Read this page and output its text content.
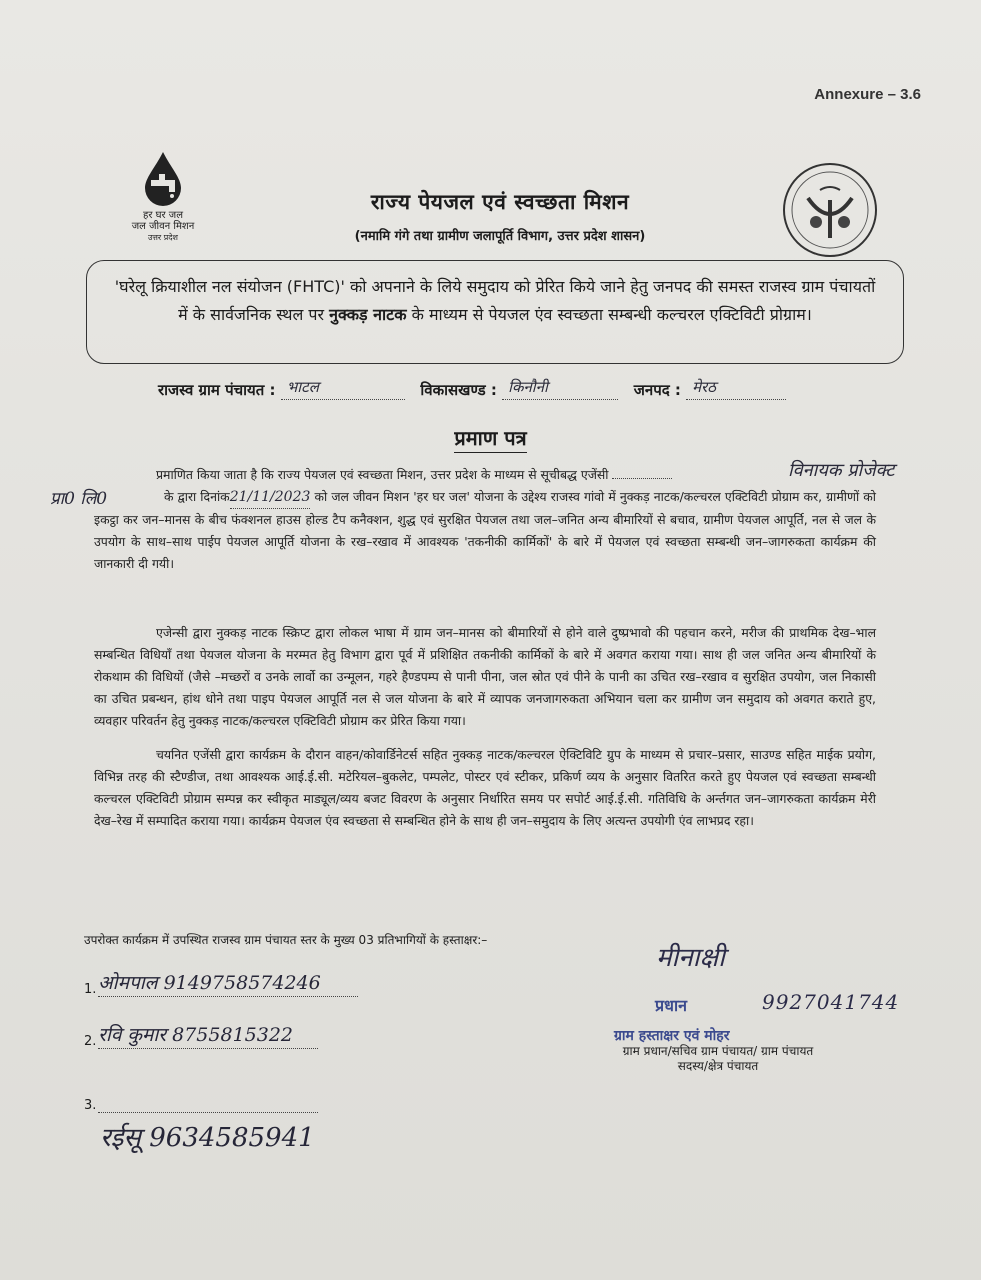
Annexure – 3.6
हर घर जल
जल जीवन मिशन
उत्तर प्रदेश
राज्य पेयजल एवं स्वच्छता मिशन
(नमामि गंगे तथा ग्रामीण जलापूर्ति विभाग, उत्तर प्रदेश शासन)
'घरेलू क्रियाशील नल संयोजन (FHTC)' को अपनाने के लिये समुदाय को प्रेरित किये जाने हेतु जनपद की समस्त राजस्व ग्राम पंचायतों में के सार्वजनिक स्थल पर नुक्कड़ नाटक के माध्यम से पेयजल एंव स्वच्छता सम्बन्धी कल्चरल एक्टिविटी प्रोग्राम।
राजस्व ग्राम पंचायत : भाटल	विकासखण्ड : किनौनी	जनपद : मेरठ
प्रमाण पत्र
विनायक प्रोजेक्ट
प्रा0 लि0
प्रमाणित किया जाता है कि राज्य पेयजल एवं स्वच्छता मिशन, उत्तर प्रदेश के माध्यम से सूचीबद्ध एजेंसी
के द्वारा दिनांक21/11/2023 को जल जीवन मिशन 'हर घर जल' योजना के उद्देश्य राजस्व गांवो में नुक्कड़ नाटक/कल्चरल एक्टिविटी प्रोग्राम कर, ग्रामीणों को इकट्ठा कर जन–मानस के बीच फंक्शनल हाउस होल्ड टैप कनैक्शन, शुद्ध एवं सुरक्षित पेयजल तथा जल–जनित अन्य बीमारियों से बचाव, ग्रामीण पेयजल आपूर्ति, नल से जल के उपयोग के साथ–साथ पाईप पेयजल आपूर्ति योजना के रख–रखाव में आवश्यक 'तकनीकी कार्मिकों' के बारे में पेयजल एवं स्वच्छता सम्बन्धी जन–जागरुकता कार्यक्रम की जानकारी दी गयी।
एजेन्सी द्वारा नुक्कड़ नाटक स्क्रिप्ट द्वारा लोकल भाषा में ग्राम जन–मानस को बीमारियों से होने वाले दुष्प्रभावो की पहचान करने, मरीज की प्राथमिक देख–भाल सम्बन्धित विधियाँ तथा पेयजल योजना के मरम्मत हेतु विभाग द्वारा पूर्व में प्रशिक्षित तकनीकी कार्मिकों के बारे में अवगत कराया गया। साथ ही जल जनित अन्य बीमारियों के रोकथाम की विधियों (जैसे –मच्छरों व उनके लार्वो का उन्मूलन, गहरे हैण्डपम्प से पानी पीना, जल स्रोत एवं पीने के पानी का उचित रख–रखाव व सुरक्षित उपयोग, जल निकासी का उचित प्रबन्धन, हांथ धोने तथा पाइप पेयजल आपूर्ति नल से जल योजना के बारे में व्यापक जनजागरुकता अभियान चला कर ग्रामीण जन समुदाय को अवगत कराते हुए, व्यवहार परिवर्तन हेतु नुक्कड़ नाटक/कल्चरल एक्टिविटी प्रोग्राम कर प्रेरित किया गया।
चयनित एजेंसी द्वारा कार्यक्रम के दौरान वाहन/कोवार्डिनेटर्स सहित नुक्कड़ नाटक/कल्चरल ऐक्टिविटि ग्रुप के माध्यम से प्रचार–प्रसार, साउण्ड सहित माईक प्रयोग, विभिन्न तरह की स्टैण्डीज, तथा आवश्यक आई.ई.सी. मटेरियल–बुकलेट, पम्पलेट, पोस्टर एवं स्टीकर, प्रकिर्ण व्यय के अनुसार वितरित करते हुए पेयजल एवं स्वच्छता सम्बन्धी कल्चरल एक्टिविटी प्रोग्राम सम्पन्न कर स्वीकृत माड्यूल/व्यय बजट विवरण के अनुसार निर्धारित समय पर सपोर्ट आई.ई.सी. गतिविधि के अर्न्तगत जन–जागरुकता कार्यक्रम मेरी देख–रेख में सम्पादित कराया गया। कार्यक्रम पेयजल एंव स्वच्छता से सम्बन्धित होने के साथ ही जन–समुदाय के लिए अत्यन्त उपयोगी एंव लाभप्रद रहा।
उपरोक्त कार्यक्रम में उपस्थित राजस्व ग्राम पंचायत स्तर के मुख्य 03 प्रतिभागियों के हस्ताक्षर:–
1. ओमपाल 9149758574246
2. रवि कुमार 8755815322
3.
रईसू 9634585941
मीनाक्षी
प्रधान	9927041744
ग्राम हस्ताक्षर एवं मोहर
ग्राम प्रधान/सचिव ग्राम पंचायत/ ग्राम पंचायत सदस्य/क्षेत्र पंचायत
